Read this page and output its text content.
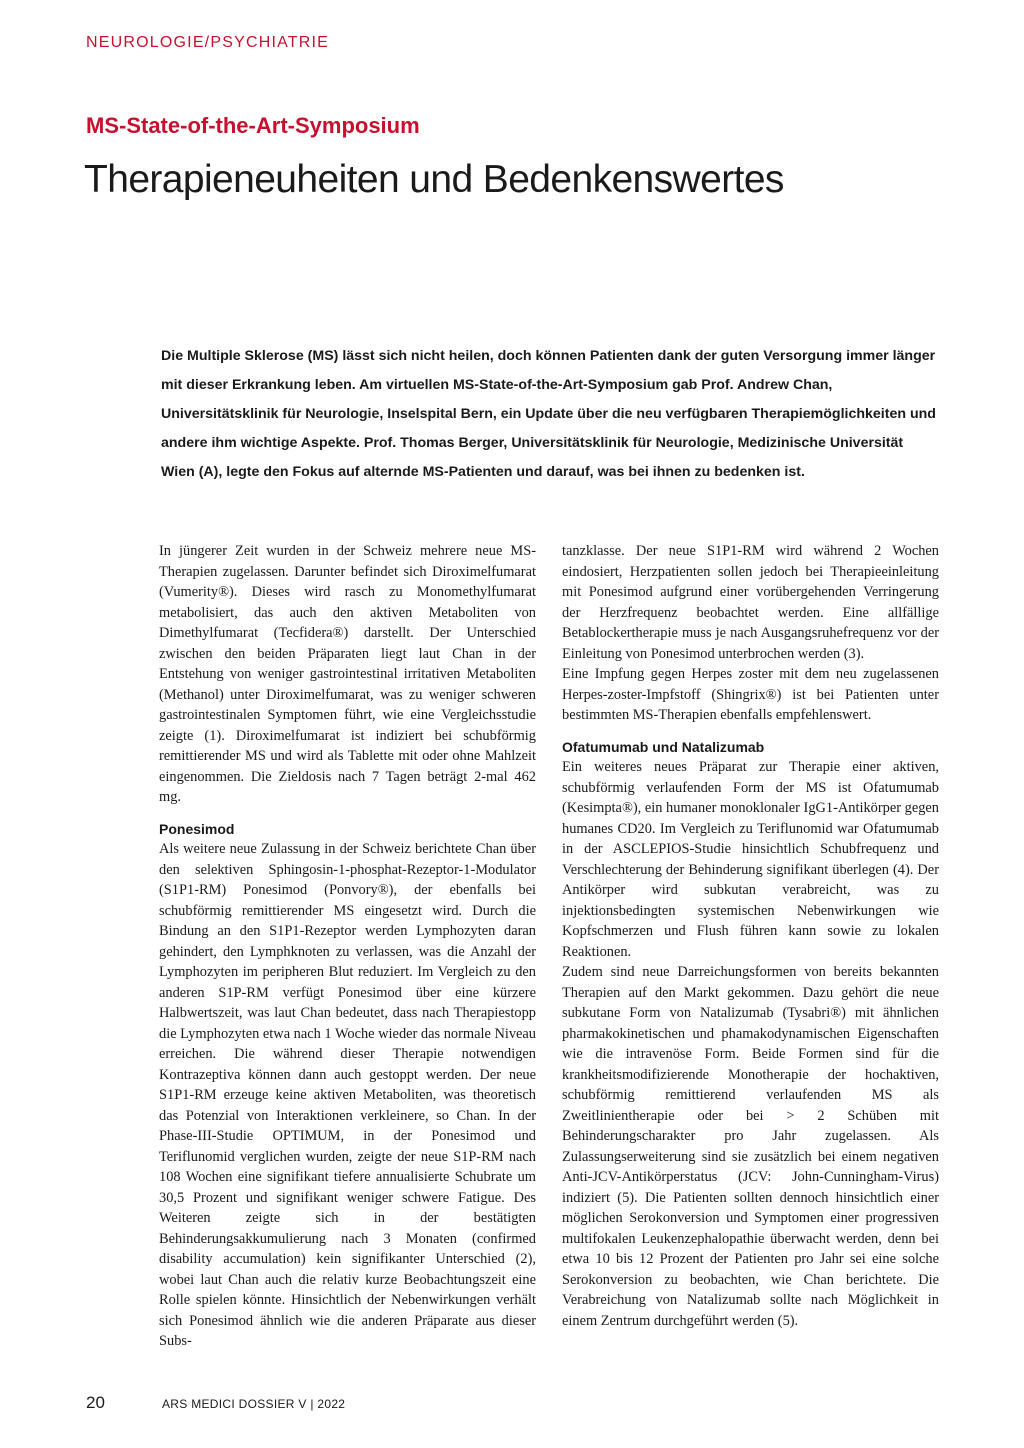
NEUROLOGIE/PSYCHIATRIE
MS-State-of-the-Art-Symposium
Therapieneuheiten und Bedenkenswertes

Die Multiple Sklerose (MS) lässt sich nicht heilen, doch können Patienten dank der guten Versorgung immer länger mit dieser Erkrankung leben. Am virtuellen MS-State-of-the-Art-Symposium gab Prof. Andrew Chan, Universitätsklinik für Neurologie, Inselspital Bern, ein Update über die neu verfügbaren Therapiemöglichkeiten und andere ihm wichtige Aspekte. Prof. Thomas Berger, Universitätsklinik für Neurologie, Medizinische Universität Wien (A), legte den Fokus auf alternde MS-Patienten und darauf, was bei ihnen zu bedenken ist.

In jüngerer Zeit wurden in der Schweiz mehrere neue MS-Therapien zugelassen. Darunter befindet sich Diroximelfumarat (Vumerity®). Dieses wird rasch zu Monomethylfumarat metabolisiert, das auch den aktiven Metaboliten von Dimethylfumarat (Tecfidera®) darstellt. Der Unterschied zwischen den beiden Präparaten liegt laut Chan in der Entstehung von weniger gastrointestinal irritativen Metaboliten (Methanol) unter Diroximelfumarat, was zu weniger schweren gastrointestinalen Symptomen führt, wie eine Vergleichsstudie zeigte (1). Diroximelfumarat ist indiziert bei schubförmig remittierender MS und wird als Tablette mit oder ohne Mahlzeit eingenommen. Die Zieldosis nach 7 Tagen beträgt 2-mal 462 mg.

Ponesimod

Als weitere neue Zulassung in der Schweiz berichtete Chan über den selektiven Sphingosin-1-phosphat-Rezeptor-1-Modulator (S1P1-RM) Ponesimod (Ponvory®), der ebenfalls bei schubförmig remittierender MS eingesetzt wird. Durch die Bindung an den S1P1-Rezeptor werden Lymphozyten daran gehindert, den Lymphknoten zu verlassen, was die Anzahl der Lymphozyten im peripheren Blut reduziert. Im Vergleich zu den anderen S1P-RM verfügt Ponesimod über eine kürzere Halbwertszeit, was laut Chan bedeutet, dass nach Therapiestopp die Lymphozyten etwa nach 1 Woche wieder das normale Niveau erreichen. Die während dieser Therapie notwendigen Kontrazeptiva können dann auch gestoppt werden. Der neue S1P1-RM erzeuge keine aktiven Metaboliten, was theoretisch das Potenzial von Interaktionen verkleinere, so Chan. In der Phase-III-Studie OPTIMUM, in der Ponesimod und Teriflunomid verglichen wurden, zeigte der neue S1P-RM nach 108 Wochen eine signifikant tiefere annualisierte Schubrate um 30,5 Prozent und signifikant weniger schwere Fatigue. Des Weiteren zeigte sich in der bestätigten Behinderungsakkumulierung nach 3 Monaten (confirmed disability accumulation) kein signifikanter Unterschied (2), wobei laut Chan auch die relativ kurze Beobachtungszeit eine Rolle spielen könnte. Hinsichtlich der Nebenwirkungen verhält sich Ponesimod ähnlich wie die anderen Präparate aus dieser Subs-

tanzklasse. Der neue S1P1-RM wird während 2 Wochen eindosiert, Herzpatienten sollen jedoch bei Therapieeinleitung mit Ponesimod aufgrund einer vorübergehenden Verringerung der Herzfrequenz beobachtet werden. Eine allfällige Betablockertherapie muss je nach Ausgangsruhefrequenz vor der Einleitung von Ponesimod unterbrochen werden (3).

Eine Impfung gegen Herpes zoster mit dem neu zugelassenen Herpes-zoster-Impfstoff (Shingrix®) ist bei Patienten unter bestimmten MS-Therapien ebenfalls empfehlenswert.

Ofatumumab und Natalizumab

Ein weiteres neues Präparat zur Therapie einer aktiven, schubförmig verlaufenden Form der MS ist Ofatumumab (Kesimpta®), ein humaner monoklonaler IgG1-Antikörper gegen humanes CD20. Im Vergleich zu Teriflunomid war Ofatumumab in der ASCLEPIOS-Studie hinsichtlich Schubfrequenz und Verschlechterung der Behinderung signifikant überlegen (4). Der Antikörper wird subkutan verabreicht, was zu injektionsbedingten systemischen Nebenwirkungen wie Kopfschmerzen und Flush führen kann sowie zu lokalen Reaktionen.

Zudem sind neue Darreichungsformen von bereits bekannten Therapien auf den Markt gekommen. Dazu gehört die neue subkutane Form von Natalizumab (Tysabri®) mit ähnlichen pharmakokinetischen und phamakodynamischen Eigenschaften wie die intravenöse Form. Beide Formen sind für die krankheitsmodifizierende Monotherapie der hochaktiven, schubförmig remittierend verlaufenden MS als Zweitlinientherapie oder bei > 2 Schüben mit Behinderungscharakter pro Jahr zugelassen. Als Zulassungserweiterung sind sie zusätzlich bei einem negativen Anti-JCV-Antikörperstatus (JCV: John-Cunningham-Virus) indiziert (5). Die Patienten sollten dennoch hinsichtlich einer möglichen Serokonversion und Symptomen einer progressiven multifokalen Leukenzephalopathie überwacht werden, denn bei etwa 10 bis 12 Prozent der Patienten pro Jahr sei eine solche Serokonversion zu beobachten, wie Chan berichtete. Die Verabreichung von Natalizumab sollte nach Möglichkeit in einem Zentrum durchgeführt werden (5).

20	ARS MEDICI DOSSIER V | 2022
